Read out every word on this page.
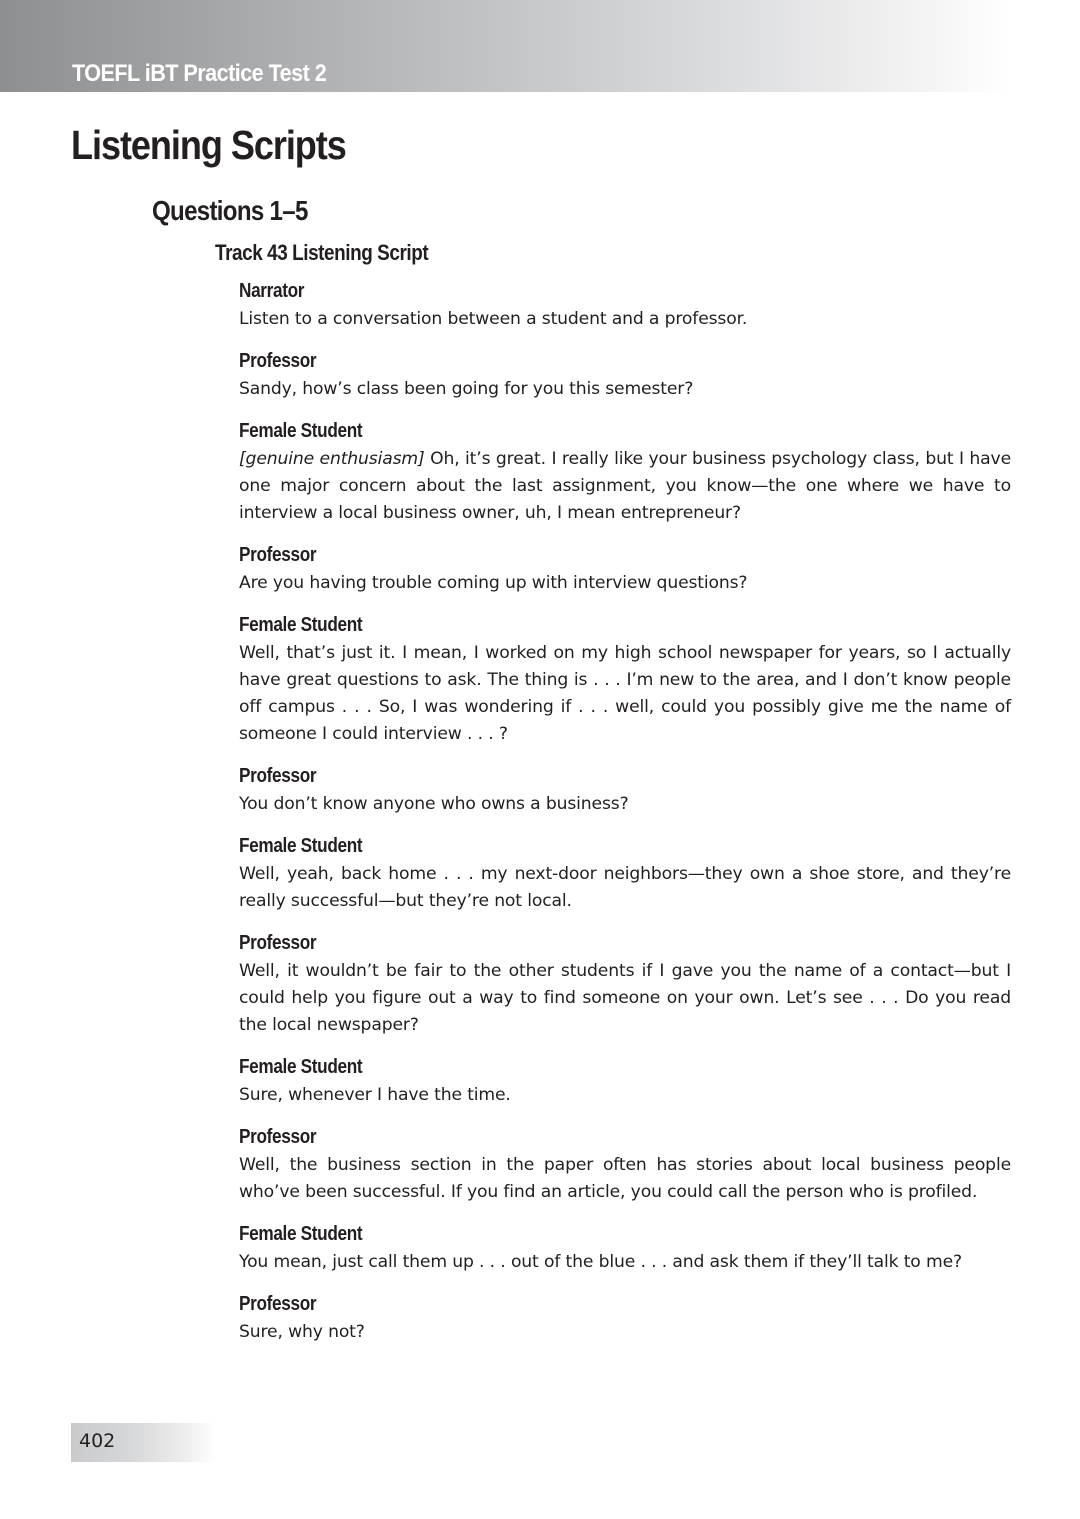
TOEFL iBT Practice Test 2
Listening Scripts
Questions 1–5
Track 43 Listening Script
Narrator

Listen to a conversation between a student and a professor.

Professor

Sandy, how’s class been going for you this semester?

Female Student

[genuine enthusiasm] Oh, it’s great. I really like your business psychology class, but I have one major concern about the last assignment, you know—the one where we have to interview a local business owner, uh, I mean entrepreneur?

Professor

Are you having trouble coming up with interview questions?

Female Student

Well, that’s just it. I mean, I worked on my high school newspaper for years, so I actually have great questions to ask. The thing is . . . I’m new to the area, and I don’t know people off campus . . . So, I was wondering if . . . well, could you possibly give me the name of someone I could interview . . . ?

Professor

You don’t know anyone who owns a business?

Female Student

Well, yeah, back home . . . my next-door neighbors—they own a shoe store, and they’re really successful—but they’re not local.

Professor

Well, it wouldn’t be fair to the other students if I gave you the name of a contact—but I could help you figure out a way to find someone on your own. Let’s see . . . Do you read the local newspaper?

Female Student

Sure, whenever I have the time.

Professor

Well, the business section in the paper often has stories about local business people who’ve been successful. If you find an article, you could call the person who is profiled.

Female Student

You mean, just call them up . . . out of the blue . . . and ask them if they’ll talk to me?

Professor

Sure, why not?

402
